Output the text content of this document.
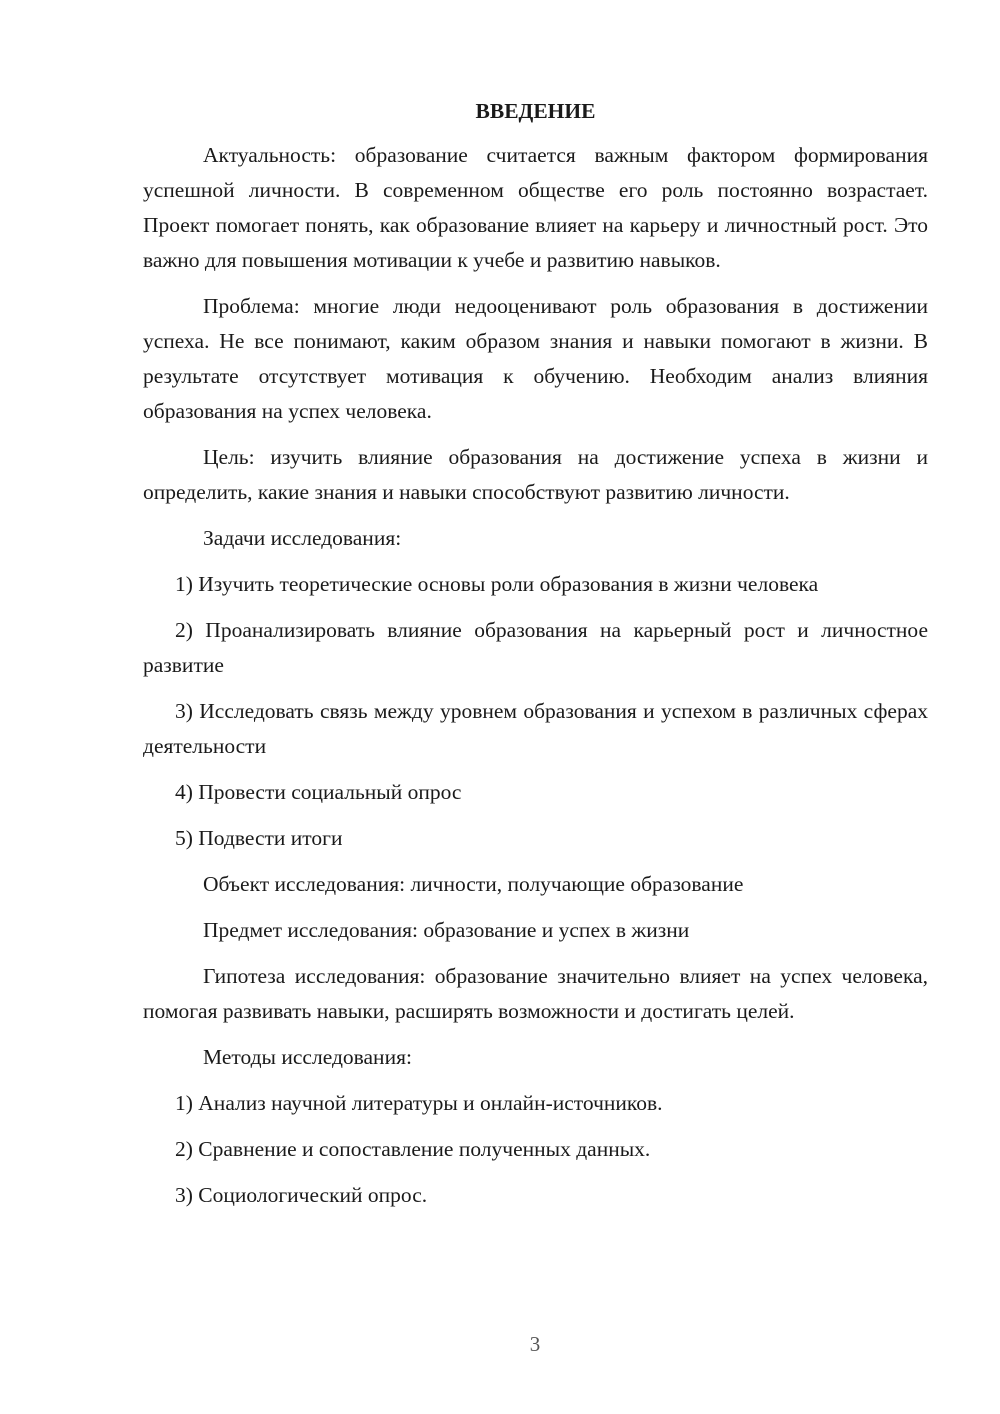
ВВЕДЕНИЕ

Актуальность: образование считается важным фактором формирования успешной личности. В современном обществе его роль постоянно возрастает. Проект помогает понять, как образование влияет на карьеру и личностный рост. Это важно для повышения мотивации к учебе и развитию навыков.

Проблема: многие люди недооценивают роль образования в достижении успеха. Не все понимают, каким образом знания и навыки помогают в жизни. В результате отсутствует мотивация к обучению. Необходим анализ влияния образования на успех человека.

Цель: изучить влияние образования на достижение успеха в жизни и определить, какие знания и навыки способствуют развитию личности.

Задачи исследования:

1) Изучить теоретические основы роли образования в жизни человека

2) Проанализировать влияние образования на карьерный рост и личностное развитие

3) Исследовать связь между уровнем образования и успехом в различных сферах деятельности

4) Провести социальный опрос

5) Подвести итоги

Объект исследования: личности, получающие образование

Предмет исследования: образование и успех в жизни

Гипотеза исследования: образование значительно влияет на успех человека, помогая развивать навыки, расширять возможности и достигать целей.

Методы исследования:

1) Анализ научной литературы и онлайн-источников.

2) Сравнение и сопоставление полученных данных.

3) Социологический опрос.

3
